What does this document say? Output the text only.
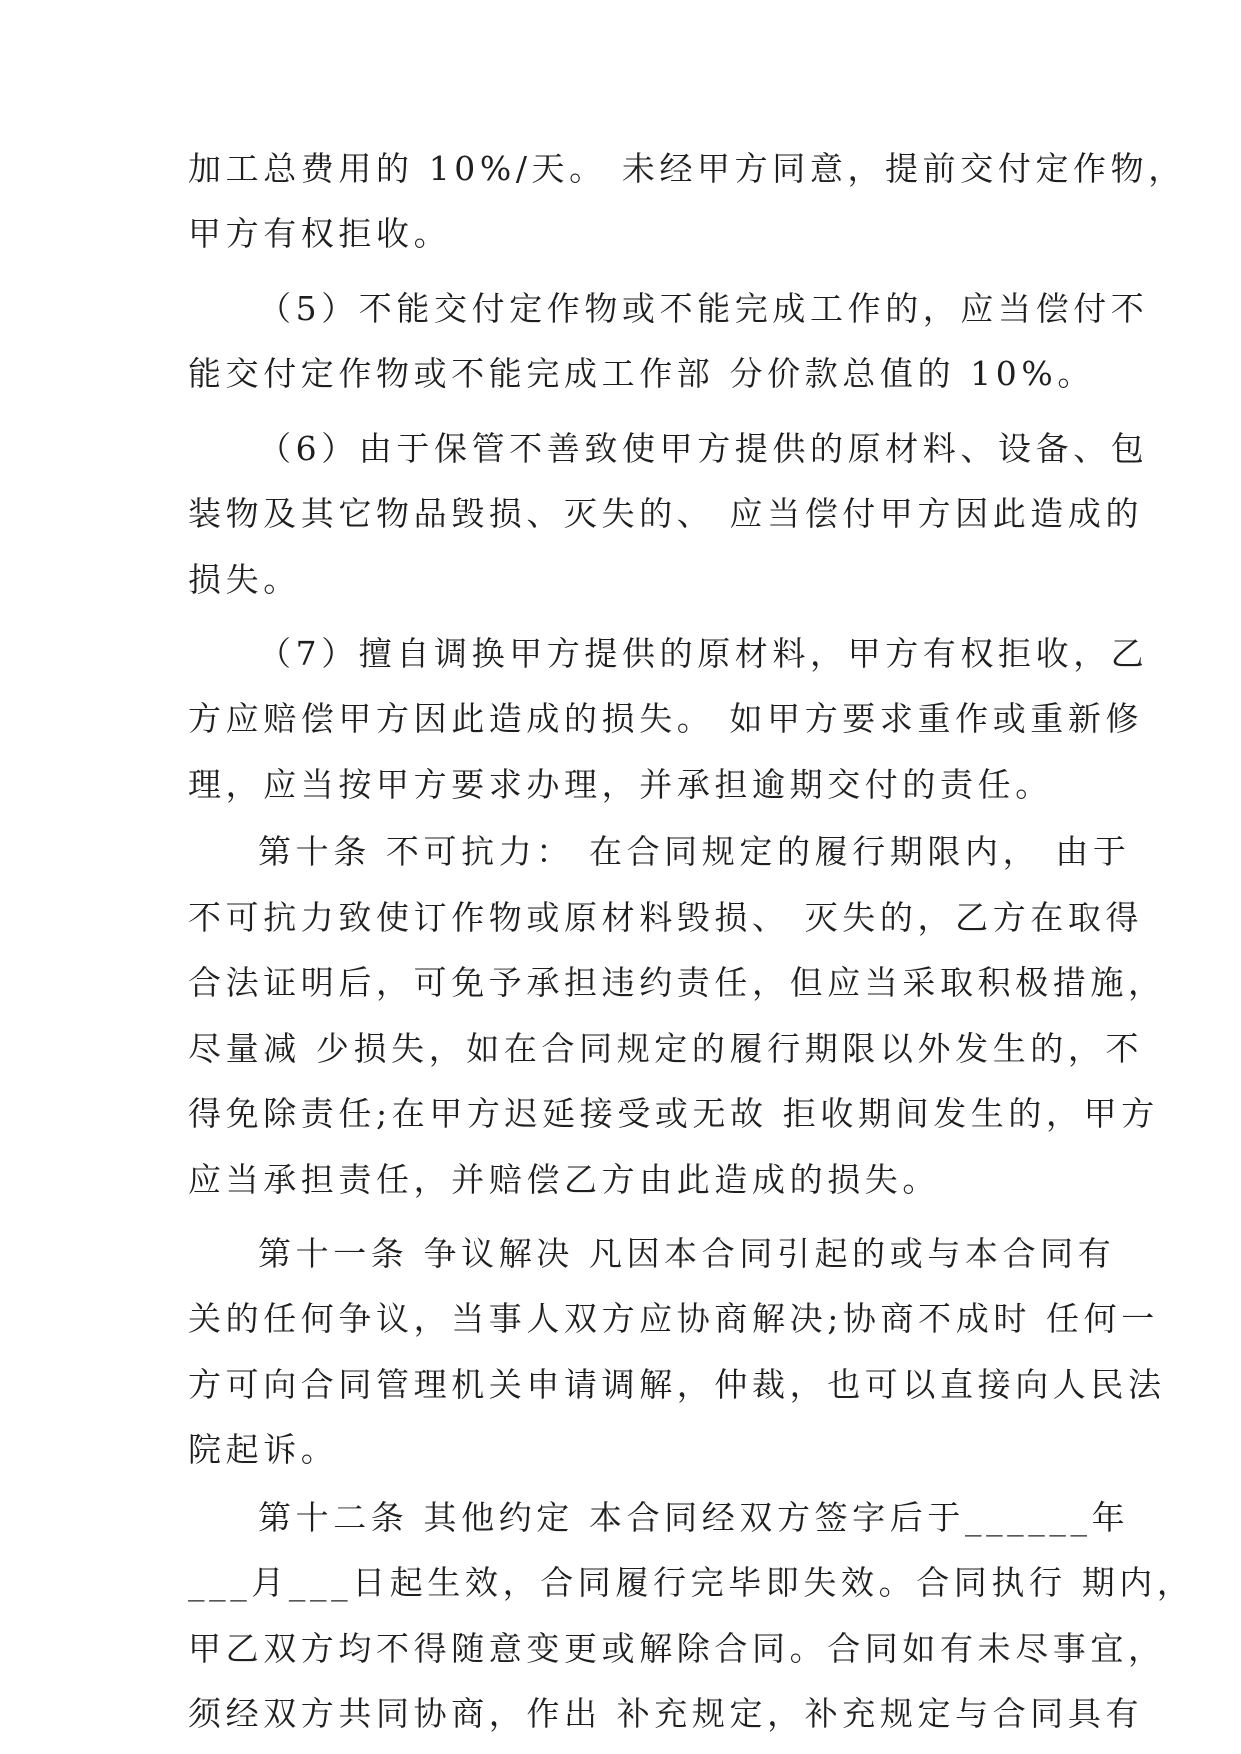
加工总费用的 10%/天。 未经甲方同意，提前交付定作物，
甲方有权拒收。
（5）不能交付定作物或不能完成工作的，应当偿付不
能交付定作物或不能完成工作部 分价款总值的 10%。
（6）由于保管不善致使甲方提供的原材料、设备、包
装物及其它物品毁损、灭失的、 应当偿付甲方因此造成的
损失。
（7）擅自调换甲方提供的原材料，甲方有权拒收，乙
方应赔偿甲方因此造成的损失。 如甲方要求重作或重新修
理，应当按甲方要求办理，并承担逾期交付的责任。
第十条 不可抗力： 在合同规定的履行期限内， 由于
不可抗力致使订作物或原材料毁损、 灭失的，乙方在取得
合法证明后，可免予承担违约责任，但应当采取积极措施，
尽量减 少损失，如在合同规定的履行期限以外发生的，不
得免除责任;在甲方迟延接受或无故 拒收期间发生的，甲方
应当承担责任，并赔偿乙方由此造成的损失。
第十一条 争议解决 凡因本合同引起的或与本合同有
关的任何争议，当事人双方应协商解决;协商不成时 任何一
方可向合同管理机关申请调解，仲裁，也可以直接向人民法
院起诉。
第十二条 其他约定 本合同经双方签字后于______年
___月___日起生效，合同履行完毕即失效。合同执行 期内，
甲乙双方均不得随意变更或解除合同。合同如有未尽事宜，
须经双方共同协商，作出 补充规定，补充规定与合同具有
